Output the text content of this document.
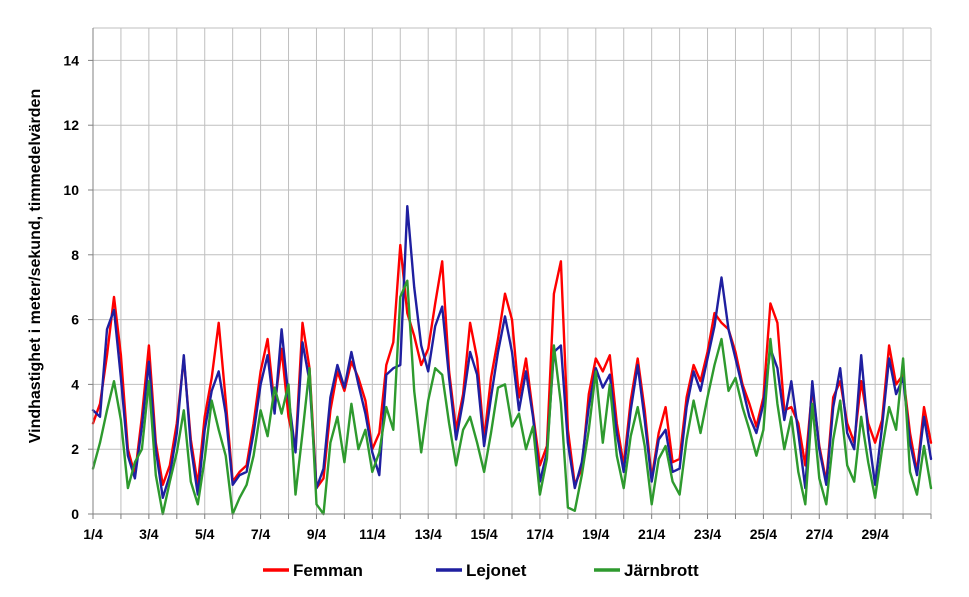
0
2
4
6
8
10
12
14
1/4	3/4	5/4	7/4	9/4 11/4 13/4 15/4 17/4 19/4 21/4 23/4 25/4 27/4 29/4
Vindhastighet i meter/sekund, timmedelvärden
Femman	Lejonet	Järnbrott
